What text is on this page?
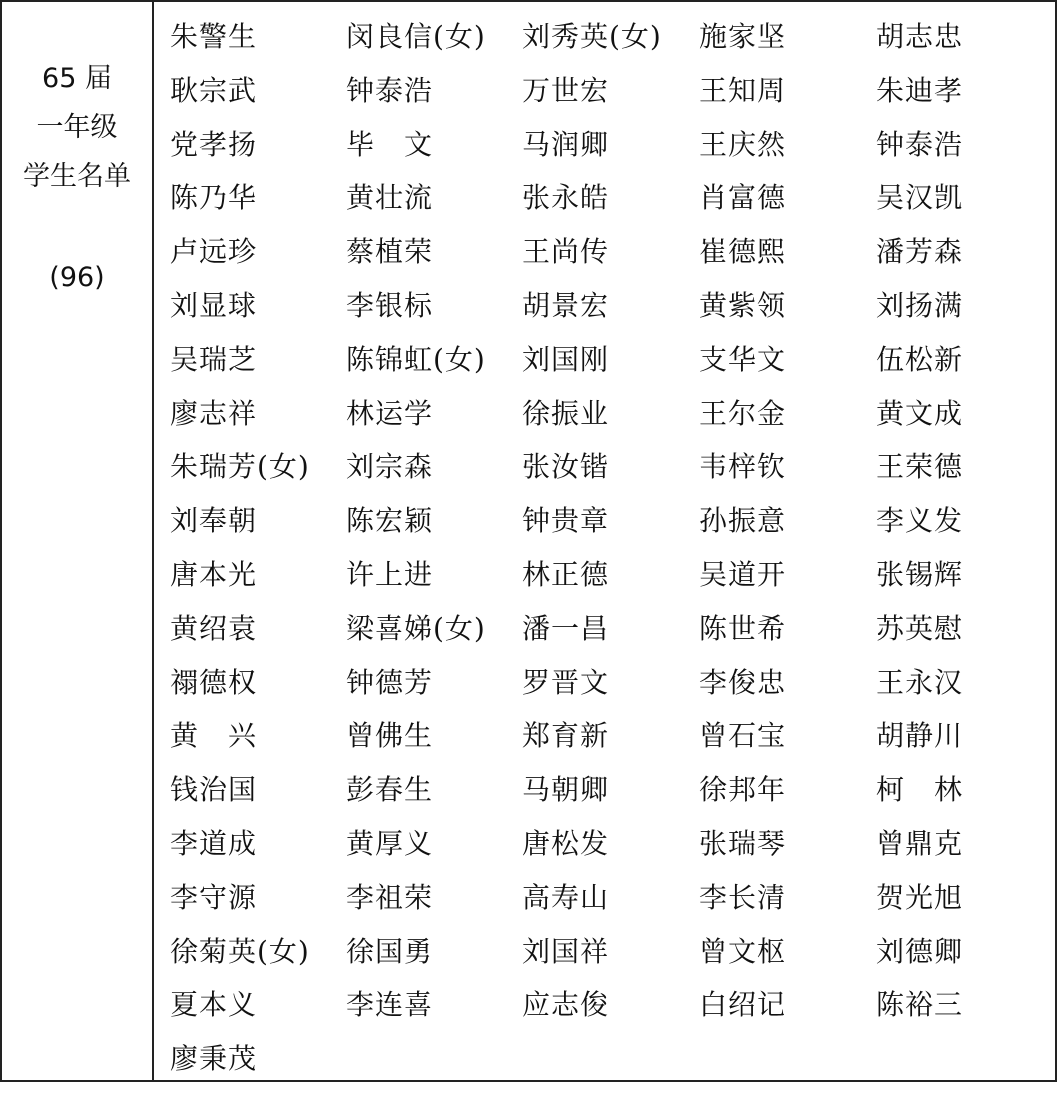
65 届
一年级
学生名单
(96)
朱警生	闵良信(女) 刘秀英(女) 施家坚	胡志忠
耿宗武	钟泰浩	万世宏	王知周	朱迪孝
党孝扬	毕　文	马润卿	王庆然	钟泰浩
陈乃华	黄壮流	张永皓	肖富德	吴汉凯
卢远珍	蔡植荣	王尚传	崔德熙	潘芳森
刘显球	李银标	胡景宏	黄紫领	刘扬满
吴瑞芝	陈锦虹(女) 刘国刚	支华文	伍松新
廖志祥	林运学	徐振业	王尔金	黄文成
朱瑞芳(女) 刘宗森	张汝锴	韦梓钦	王荣德
刘奉朝	陈宏颖	钟贵章	孙振意	李义发
唐本光	许上进	林正德	吴道开	张锡辉
黄绍袁	梁喜娣(女) 潘一昌	陈世希	苏英慰
禤德权	钟德芳	罗晋文	李俊忠	王永汉
黄　兴	曾佛生	郑育新	曾石宝	胡静川
钱治国	彭春生	马朝卿	徐邦年	柯　林
李道成	黄厚义	唐松发	张瑞琴	曾鼎克
李守源	李祖荣	高寿山	李长清	贺光旭
徐菊英(女) 徐国勇	刘国祥	曾文枢	刘德卿
夏本义	李连喜	应志俊	白绍记	陈裕三
廖秉茂
